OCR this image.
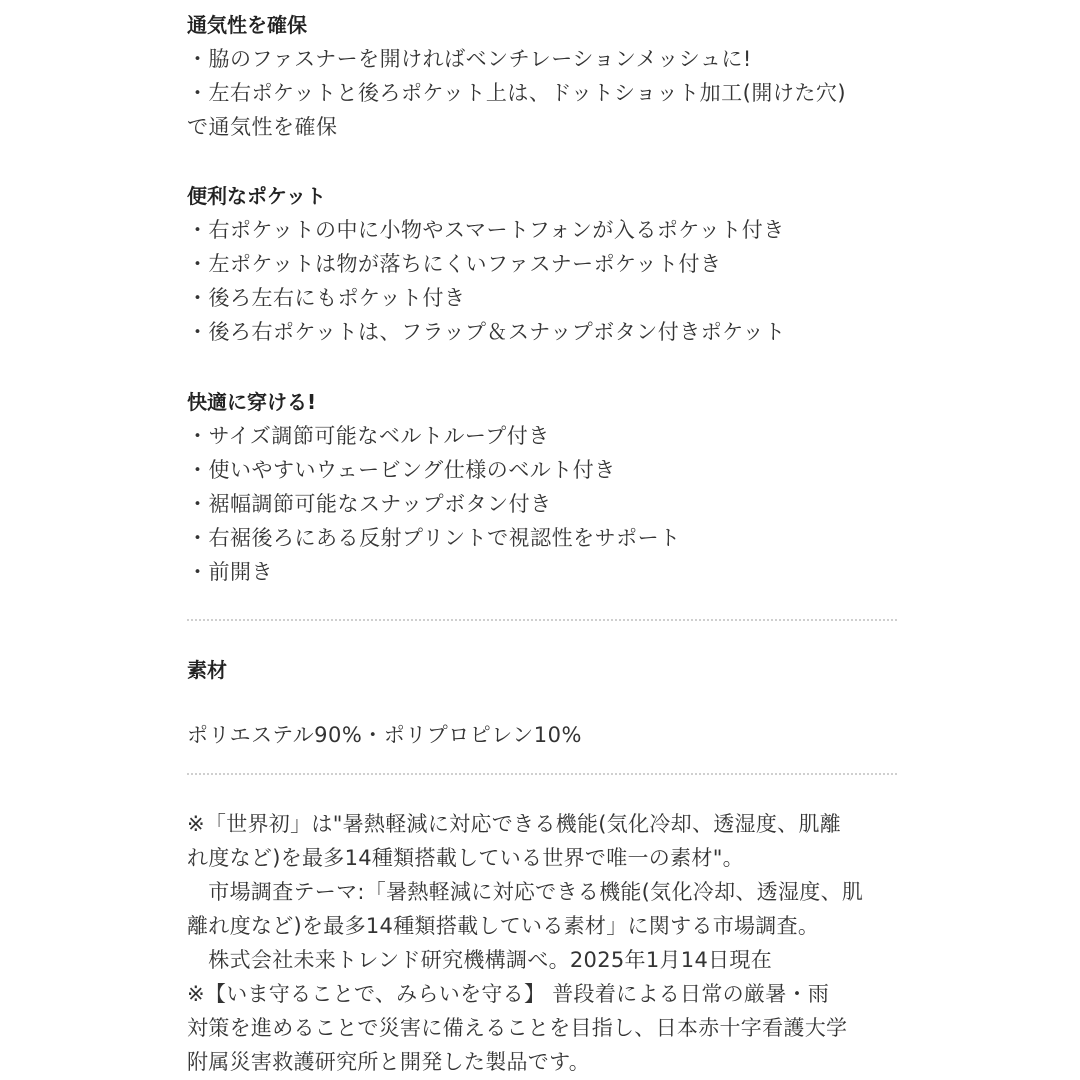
通気性を確保
・脇のファスナーを開ければベンチレーションメッシュに!
・左右ポケットと後ろポケット上は、ドットショット加工(開けた穴)
で通気性を確保
便利なポケット
・右ポケットの中に小物やスマートフォンが入るポケット付き
・左ポケットは物が落ちにくいファスナーポケット付き
・後ろ左右にもポケット付き
・後ろ右ポケットは、フラップ＆スナップボタン付きポケット
快適に穿ける!
・サイズ調節可能なベルトループ付き
・使いやすいウェービング仕様のベルト付き
・裾幅調節可能なスナップボタン付き
・右裾後ろにある反射プリントで視認性をサポート
・前開き
素材
ポリエステル90%・ポリプロピレン10%
※「世界初」は"暑熱軽減に対応できる機能(気化冷却、透湿度、肌離
れ度など)を最多14種類搭載している世界で唯一の素材"。
　市場調査テーマ:「暑熱軽減に対応できる機能(気化冷却、透湿度、肌
離れ度など)を最多14種類搭載している素材」に関する市場調査。
　株式会社未来トレンド研究機構調べ。2025年1月14日現在
※【いま守ることで、みらいを守る】 普段着による日常の厳暑・雨
対策を進めることで災害に備えることを目指し、日本赤十字看護大学
附属災害救護研究所と開発した製品です。
